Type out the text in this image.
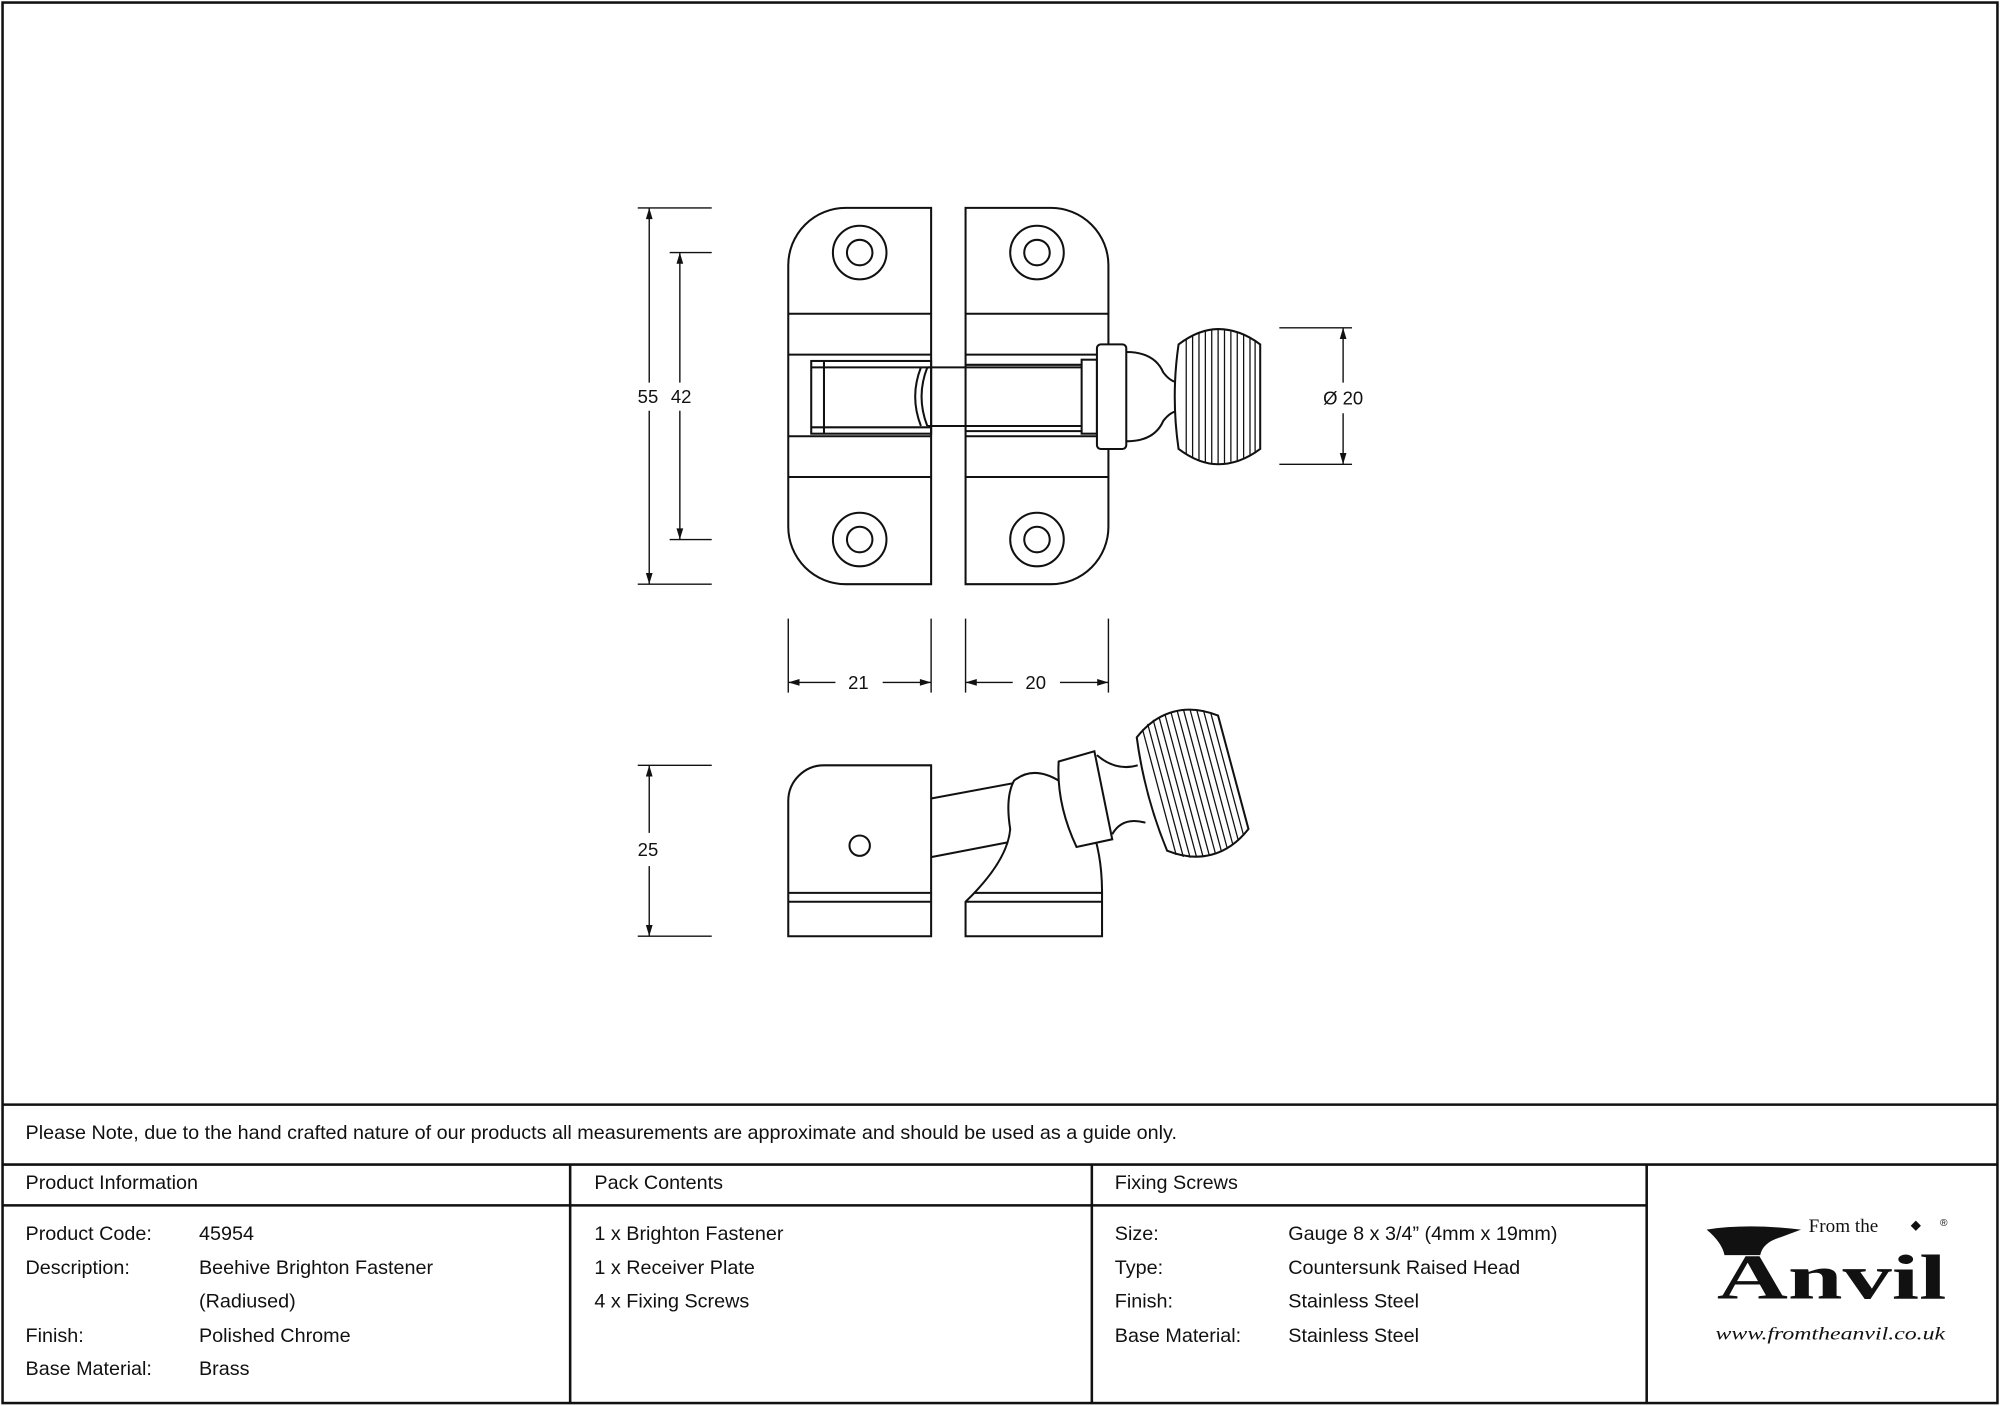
55 42
21	20
Ø 20
25
From the
Anvil
®
www.fromtheanvil.co.uk
Please Note, due to the hand crafted nature of our products all measurements are approximate and should be used as a guide only.
Product Information
Product Code:	45954
Description:	Beehive Brighton Fastener
(Radiused)
Finish:	Polished Chrome
Base Material:	Brass
Pack Contents
1 x Brighton Fastener
1 x Receiver Plate
4 x Fixing Screws
Fixing Screws
Size:	Gauge 8 x 3/4” (4mm x 19mm)
Type:	Countersunk Raised Head
Finish:	Stainless Steel
Base Material:	Stainless Steel
